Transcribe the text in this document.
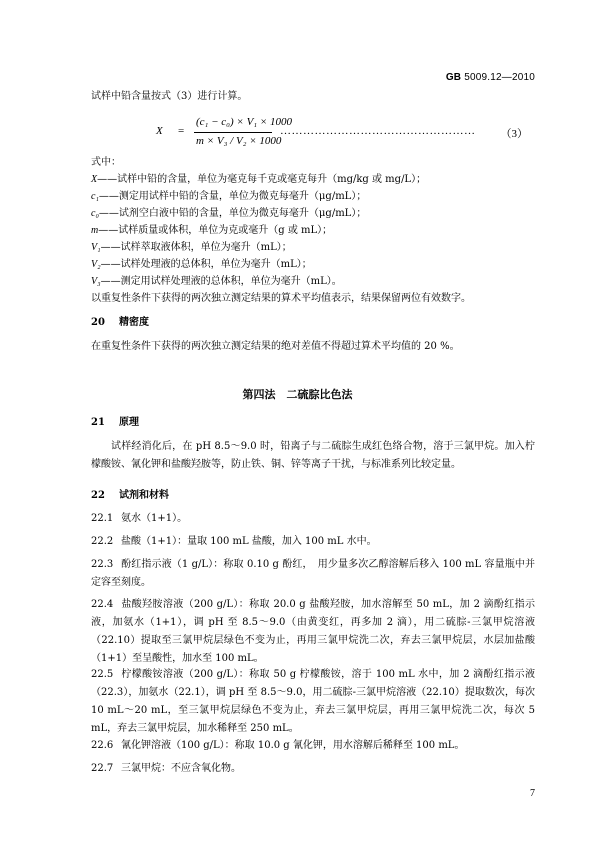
GB 5009.12—2010
试样中铅含量按式（3）进行计算。
X =
(c₁ − c₀) × V₁ × 1000
m × V₃ / V₂ × 1000
…………………………………………… （3）
式中：
X——试样中铅的含量，单位为毫克每千克或毫克每升（mg/kg 或 mg/L）；
c₁——测定用试样中铅的含量，单位为微克每毫升（μg/mL）；
c₀——试剂空白液中铅的含量，单位为微克每毫升（μg/mL）；
m——试样质量或体积，单位为克或毫升（g 或 mL）；
V₁——试样萃取液体积，单位为毫升（mL）；
V₂——试样处理液的总体积，单位为毫升（mL）；
V₃——测定用试样处理液的总体积，单位为毫升（mL）。
以重复性条件下获得的两次独立测定结果的算术平均值表示，结果保留两位有效数字。
20 精密度
在重复性条件下获得的两次独立测定结果的绝对差值不得超过算术平均值的 20 %。
第四法　二硫腙比色法
21 原理
试样经消化后，在 pH 8.5～9.0 时，铅离子与二硫腙生成红色络合物，溶于三氯甲烷。加入柠檬酸铵、氰化钾和盐酸羟胺等，防止铁、铜、锌等离子干扰，与标准系列比较定量。
22 试剂和材料
22.1 氨水（1+1）。
22.2 盐酸（1+1）：量取 100 mL 盐酸，加入 100 mL 水中。
22.3 酚红指示液（1 g/L）：称取 0.10 g 酚红，　用少量多次乙醇溶解后移入 100 mL 容量瓶中并定容至刻度。
22.4 盐酸羟胺溶液（200 g/L）：称取 20.0 g 盐酸羟胺，加水溶解至 50 mL，加 2 滴酚红指示液，加氨水（1+1），调 pH 至 8.5～9.0（由黄变红，再多加 2 滴），用二硫腙-三氯甲烷溶液（22.10）提取至三氯甲烷层绿色不变为止，再用三氯甲烷洗二次，弃去三氯甲烷层，水层加盐酸（1+1）至呈酸性，加水至 100 mL。
22.5 柠檬酸铵溶液（200 g/L）：称取 50 g 柠檬酸铵，溶于 100 mL 水中，加 2 滴酚红指示液（22.3），加氨水（22.1），调 pH 至 8.5～9.0，用二硫腙-三氯甲烷溶液（22.10）提取数次，每次 10 mL～20 mL，至三氯甲烷层绿色不变为止，弃去三氯甲烷层，再用三氯甲烷洗二次，每次 5 mL，弃去三氯甲烷层，加水稀释至 250 mL。
22.6 氰化钾溶液（100 g/L）：称取 10.0 g 氰化钾，用水溶解后稀释至 100 mL。
22.7 三氯甲烷：不应含氧化物。
7
